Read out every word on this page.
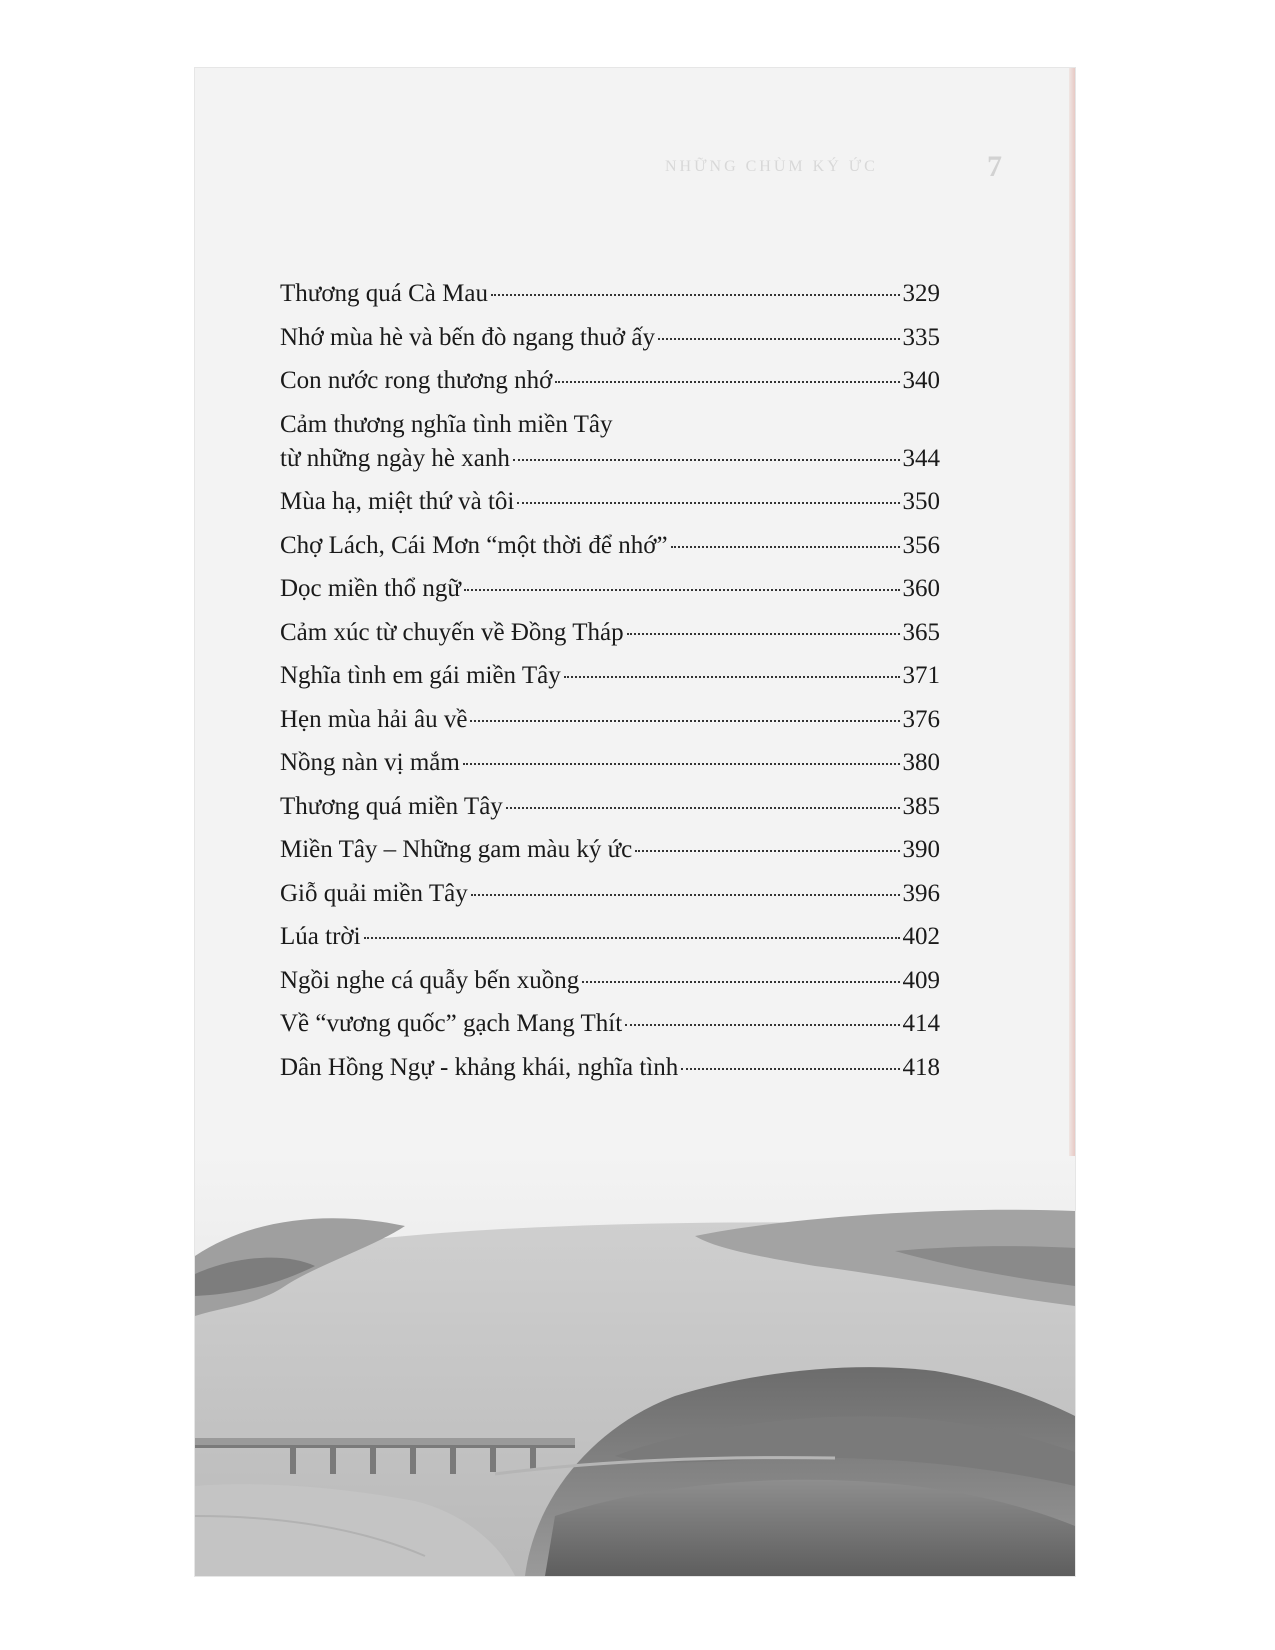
NHỮNG CHÙM KÝ ỨC	7
Thương quá Cà Mau	329
Nhớ mùa hè và bến đò ngang thuở ấy	335
Con nước rong thương nhớ	340
Cảm thương nghĩa tình miền Tây
từ những ngày hè xanh	344
Mùa hạ, miệt thứ và tôi	350
Chợ Lách, Cái Mơn “một thời để nhớ”	356
Dọc miền thổ ngữ	360
Cảm xúc từ chuyến về Đồng Tháp	365
Nghĩa tình em gái miền Tây	371
Hẹn mùa hải âu về	376
Nồng nàn vị mắm	380
Thương quá miền Tây	385
Miền Tây – Những gam màu ký ức	390
Giỗ quải miền Tây	396
Lúa trời	402
Ngồi nghe cá quẫy bến xuồng	409
Về “vương quốc” gạch Mang Thít	414
Dân Hồng Ngự - khảng khái, nghĩa tình	418
